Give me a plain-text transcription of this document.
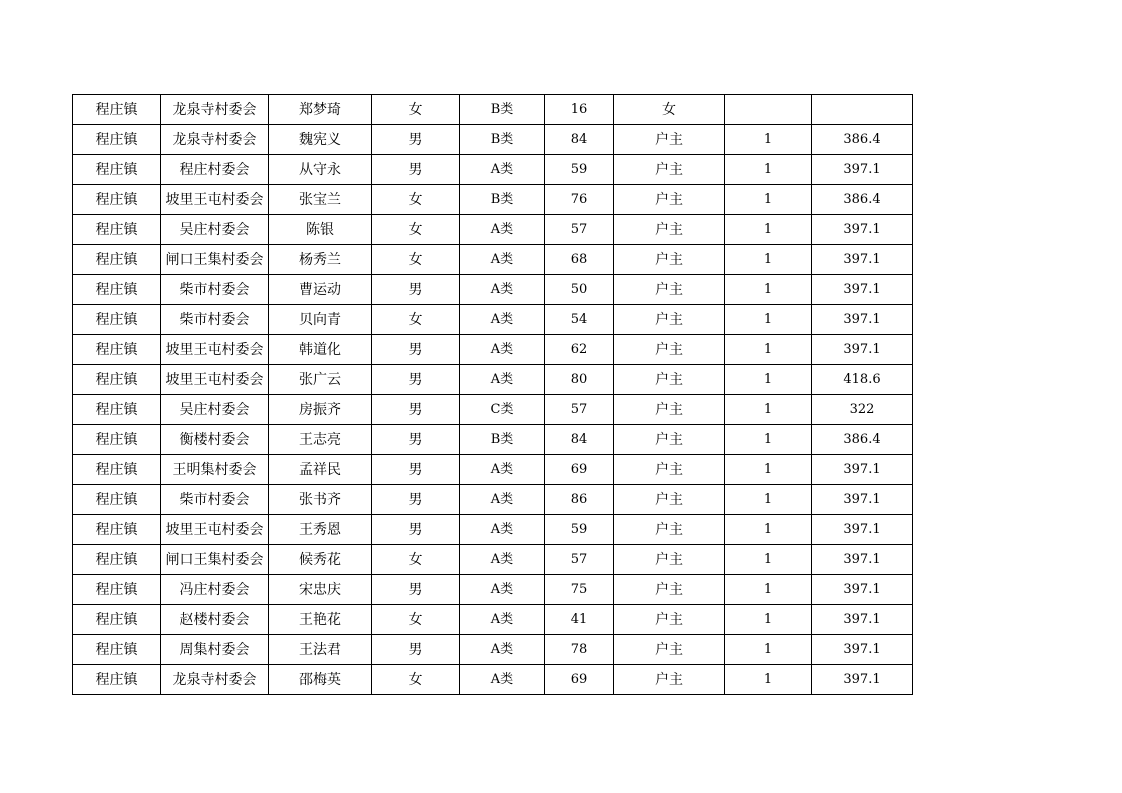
程庄镇	龙泉寺村委会	郑梦琦	女	B类	16	女		
程庄镇	龙泉寺村委会	魏宪义	男	B类	84	户主	1	386.4
程庄镇	程庄村委会	从守永	男	A类	59	户主	1	397.1
程庄镇	坡里王屯村委会	张宝兰	女	B类	76	户主	1	386.4
程庄镇	吴庄村委会	陈银	女	A类	57	户主	1	397.1
程庄镇	闸口王集村委会	杨秀兰	女	A类	68	户主	1	397.1
程庄镇	柴市村委会	曹运动	男	A类	50	户主	1	397.1
程庄镇	柴市村委会	贝向青	女	A类	54	户主	1	397.1
程庄镇	坡里王屯村委会	韩道化	男	A类	62	户主	1	397.1
程庄镇	坡里王屯村委会	张广云	男	A类	80	户主	1	418.6
程庄镇	吴庄村委会	房振齐	男	C类	57	户主	1	322
程庄镇	衡楼村委会	王志亮	男	B类	84	户主	1	386.4
程庄镇	王明集村委会	孟祥民	男	A类	69	户主	1	397.1
程庄镇	柴市村委会	张书齐	男	A类	86	户主	1	397.1
程庄镇	坡里王屯村委会	王秀恩	男	A类	59	户主	1	397.1
程庄镇	闸口王集村委会	候秀花	女	A类	57	户主	1	397.1
程庄镇	冯庄村委会	宋忠庆	男	A类	75	户主	1	397.1
程庄镇	赵楼村委会	王艳花	女	A类	41	户主	1	397.1
程庄镇	周集村委会	王法君	男	A类	78	户主	1	397.1
程庄镇	龙泉寺村委会	邵梅英	女	A类	69	户主	1	397.1
